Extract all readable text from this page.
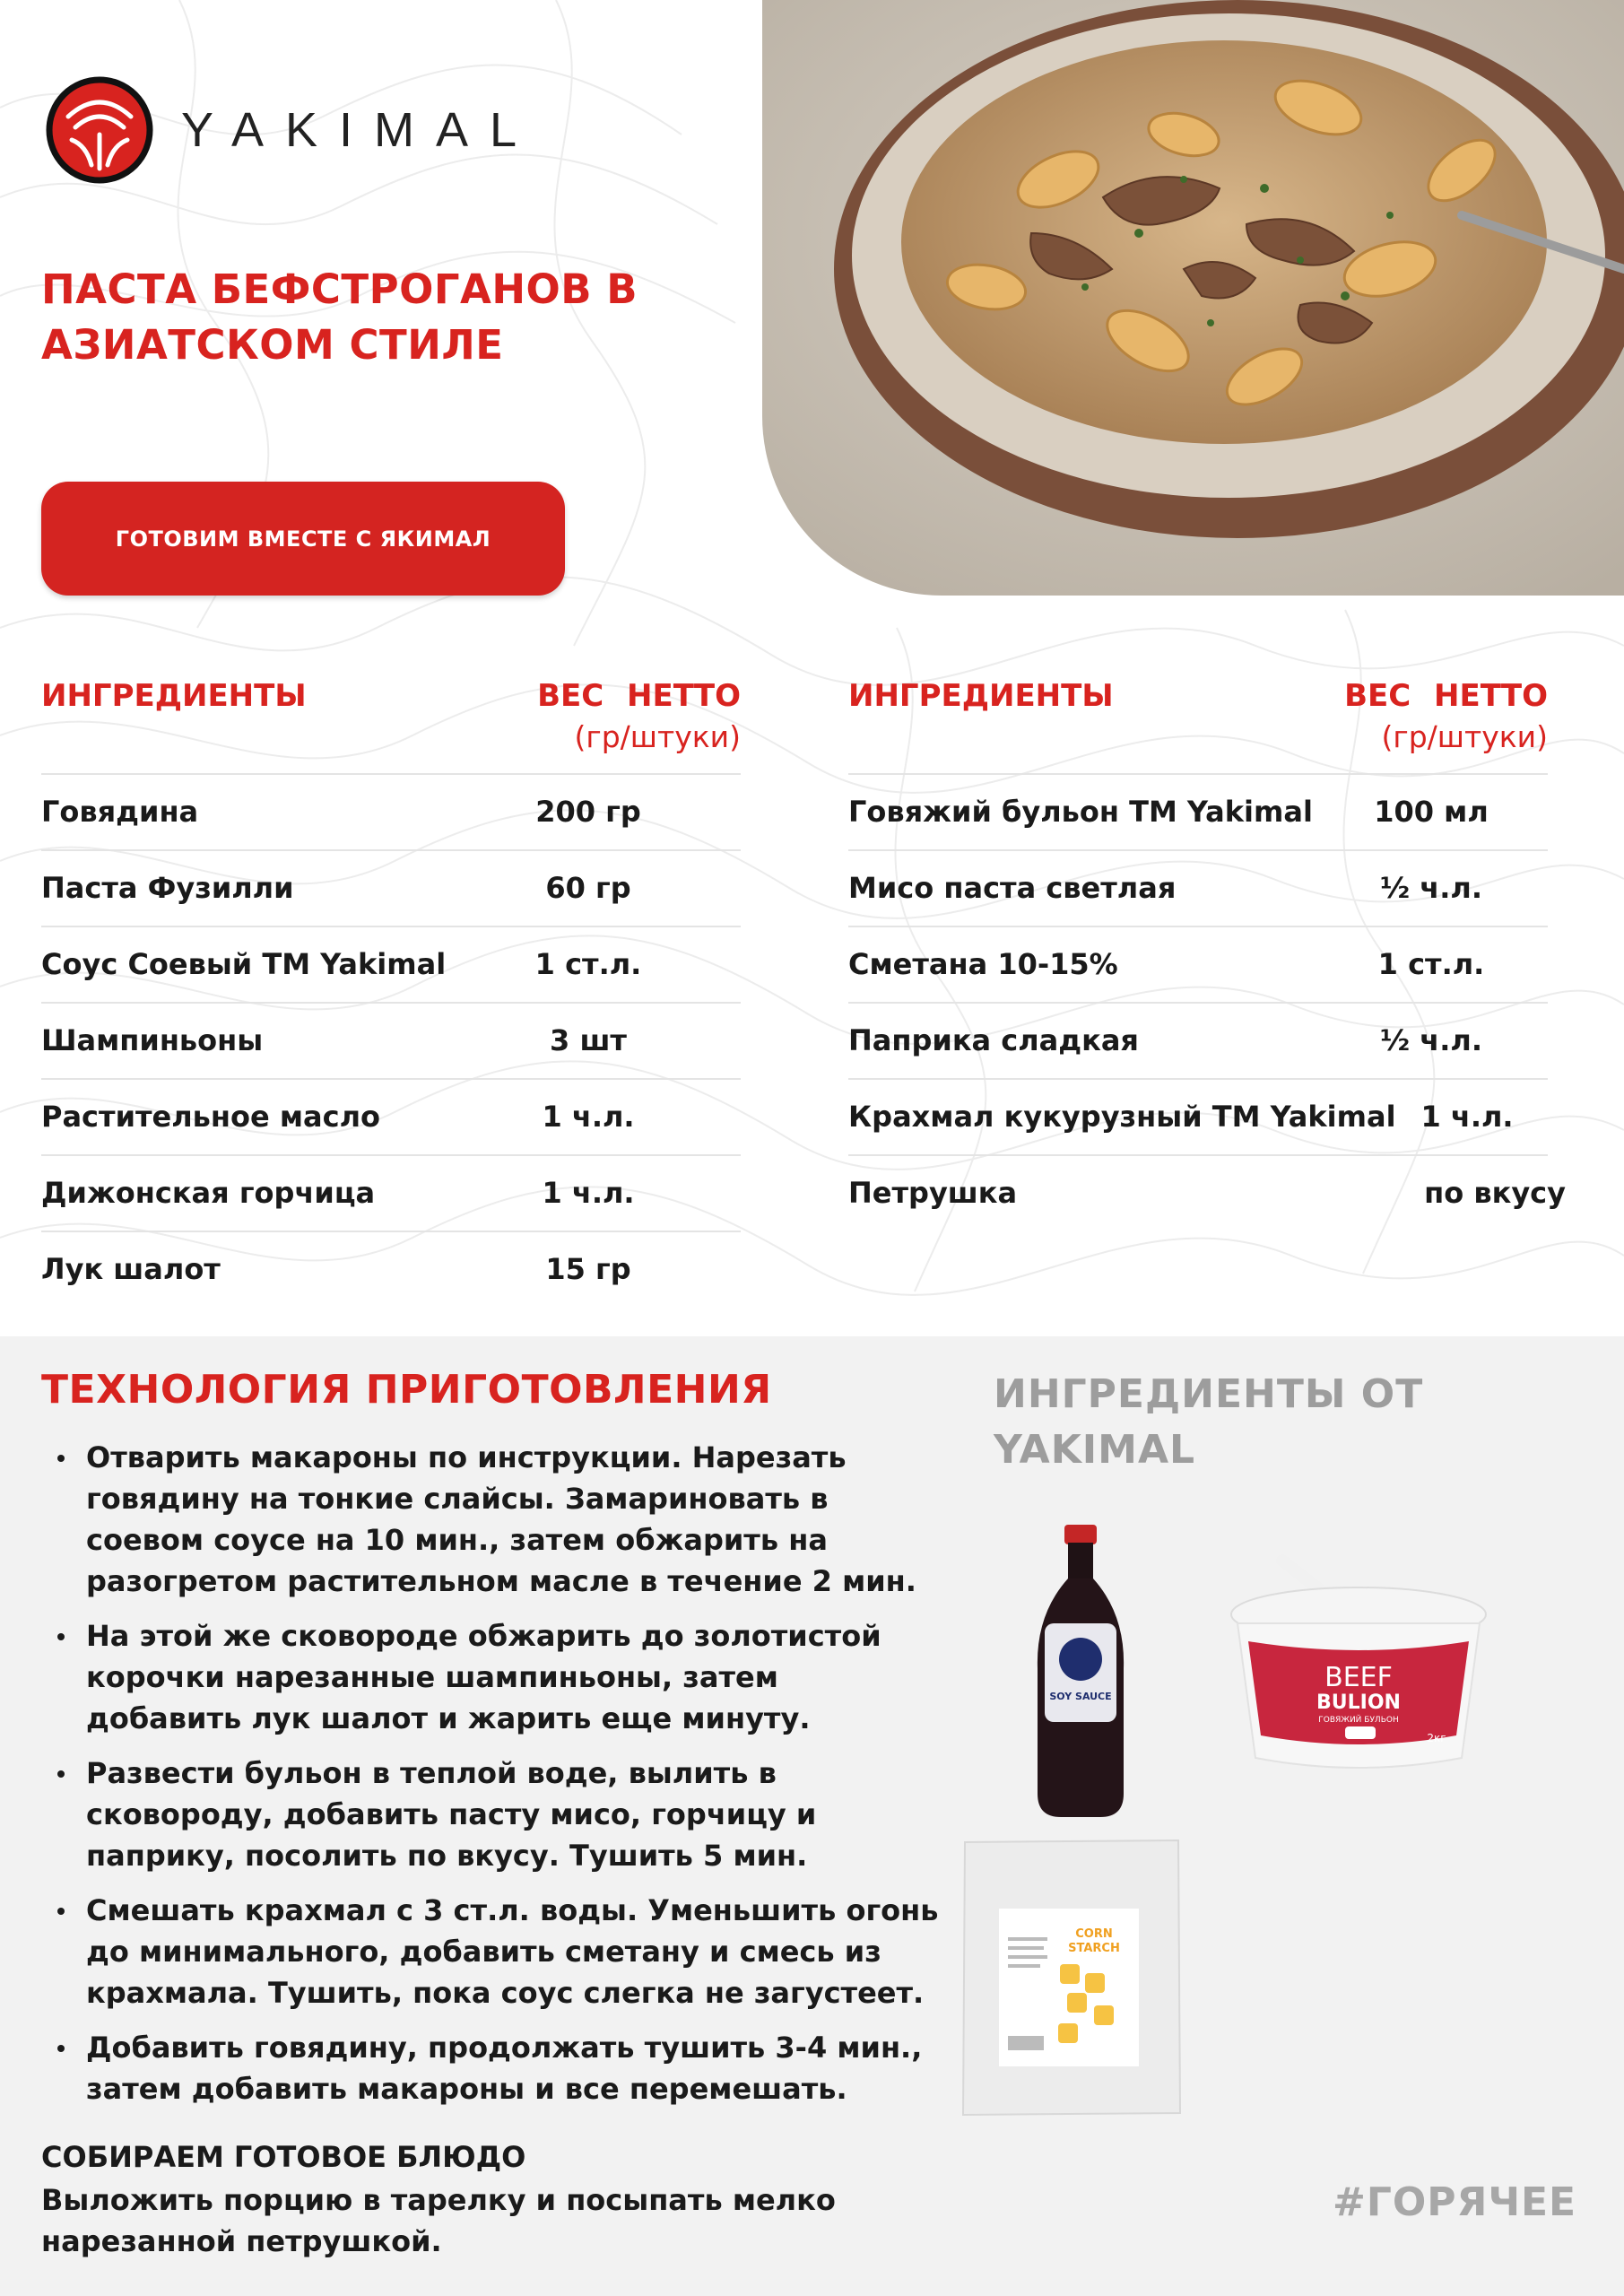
YAKIMAL
ПАСТА БЕФСТРОГАНОВ В АЗИАТСКОМ СТИЛЕ
ГОТОВИМ ВМЕСТЕ С ЯКИМАЛ
ИНГРЕДИЕНТЫ	ВЕС НЕТТО
(гр/штуки)
Говядина	200 гр
Паста Фузилли	60 гр
Соус Соевый ТМ Yakimal	1 ст.л.
Шампиньоны	3 шт
Растительное масло	1 ч.л.
Дижонская горчица	1 ч.л.
Лук шалот	15 гр
ИНГРЕДИЕНТЫ	ВЕС НЕТТО
(гр/штуки)
Говяжий бульон ТМ Yakimal	100 мл
Мисо паста светлая	½ ч.л.
Сметана 10-15%	1 ст.л.
Паприка сладкая	½ ч.л.
Крахмал кукурузный ТМ Yakimal 1 ч.л.
Петрушка	по вкусу
ТЕХНОЛОГИЯ ПРИГОТОВЛЕНИЯ
Отварить макароны по инструкции. Нарезать говядину на тонкие слайсы. Замариновать в соевом соусе на 10 мин., затем обжарить на разогретом растительном масле в течение 2 мин.
На этой же сковороде обжарить до золотистой корочки нарезанные шампиньоны, затем добавить лук шалот и жарить еще минуту.
Развести бульон в теплой воде, вылить в сковороду, добавить пасту мисо, горчицу и паприку, посолить по вкусу. Тушить 5 мин.
Смешать крахмал с 3 ст.л. воды. Уменьшить огонь до минимального, добавить сметану и смесь из крахмала. Тушить, пока соус слегка не загустеет.
Добавить говядину, продолжать тушить 3-4 мин., затем добавить макароны и все перемешать.
СОБИРАЕМ ГОТОВОЕ БЛЮДО

Выложить порцию в тарелку и посыпать мелко нарезанной петрушкой.

ИНГРЕДИЕНТЫ ОТ YAKIMAL
SOY SAUCE
BEEF
BULION
ГОВЯЖИЙ БУЛЬОН
2кг
CORN
STARCH
#ГОРЯЧЕЕ
